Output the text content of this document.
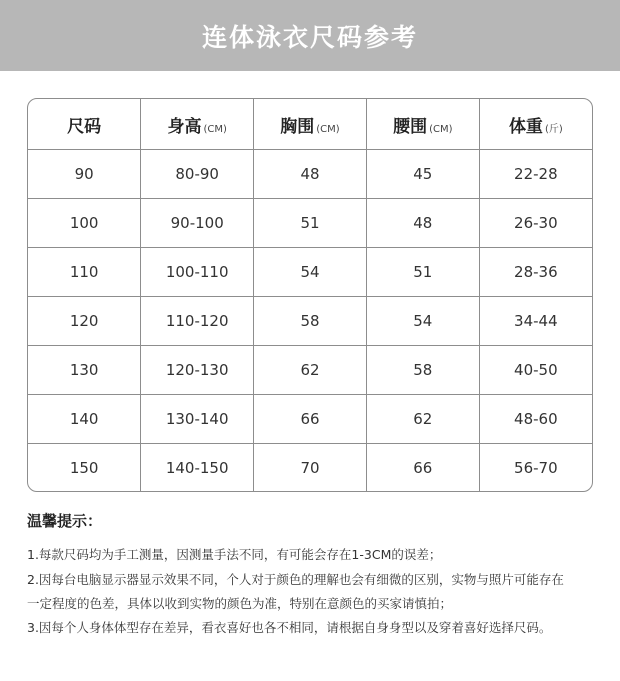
连体泳衣尺码参考
尺码	身高 (CM)	胸围 (CM)	腰围 (CM)	体重 (斤)
90	80-90	48	45	22-28
100	90-100	51	48	26-30
110	100-110	54	51	28-36
120	110-120	58	54	34-44
130	120-130	62	58	40-50
140	130-140	66	62	48-60
150	140-150	70	66	56-70
温馨提示：
1.每款尺码均为手工测量，因测量手法不同，有可能会存在1-3CM的误差；
2.因每台电脑显示器显示效果不同，个人对于颜色的理解也会有细微的区别，实物与照片可能存在
一定程度的色差，具体以收到实物的颜色为准，特别在意颜色的买家请慎拍；
3.因每个人身体体型存在差异，看衣喜好也各不相同，请根据自身身型以及穿着喜好选择尺码。
